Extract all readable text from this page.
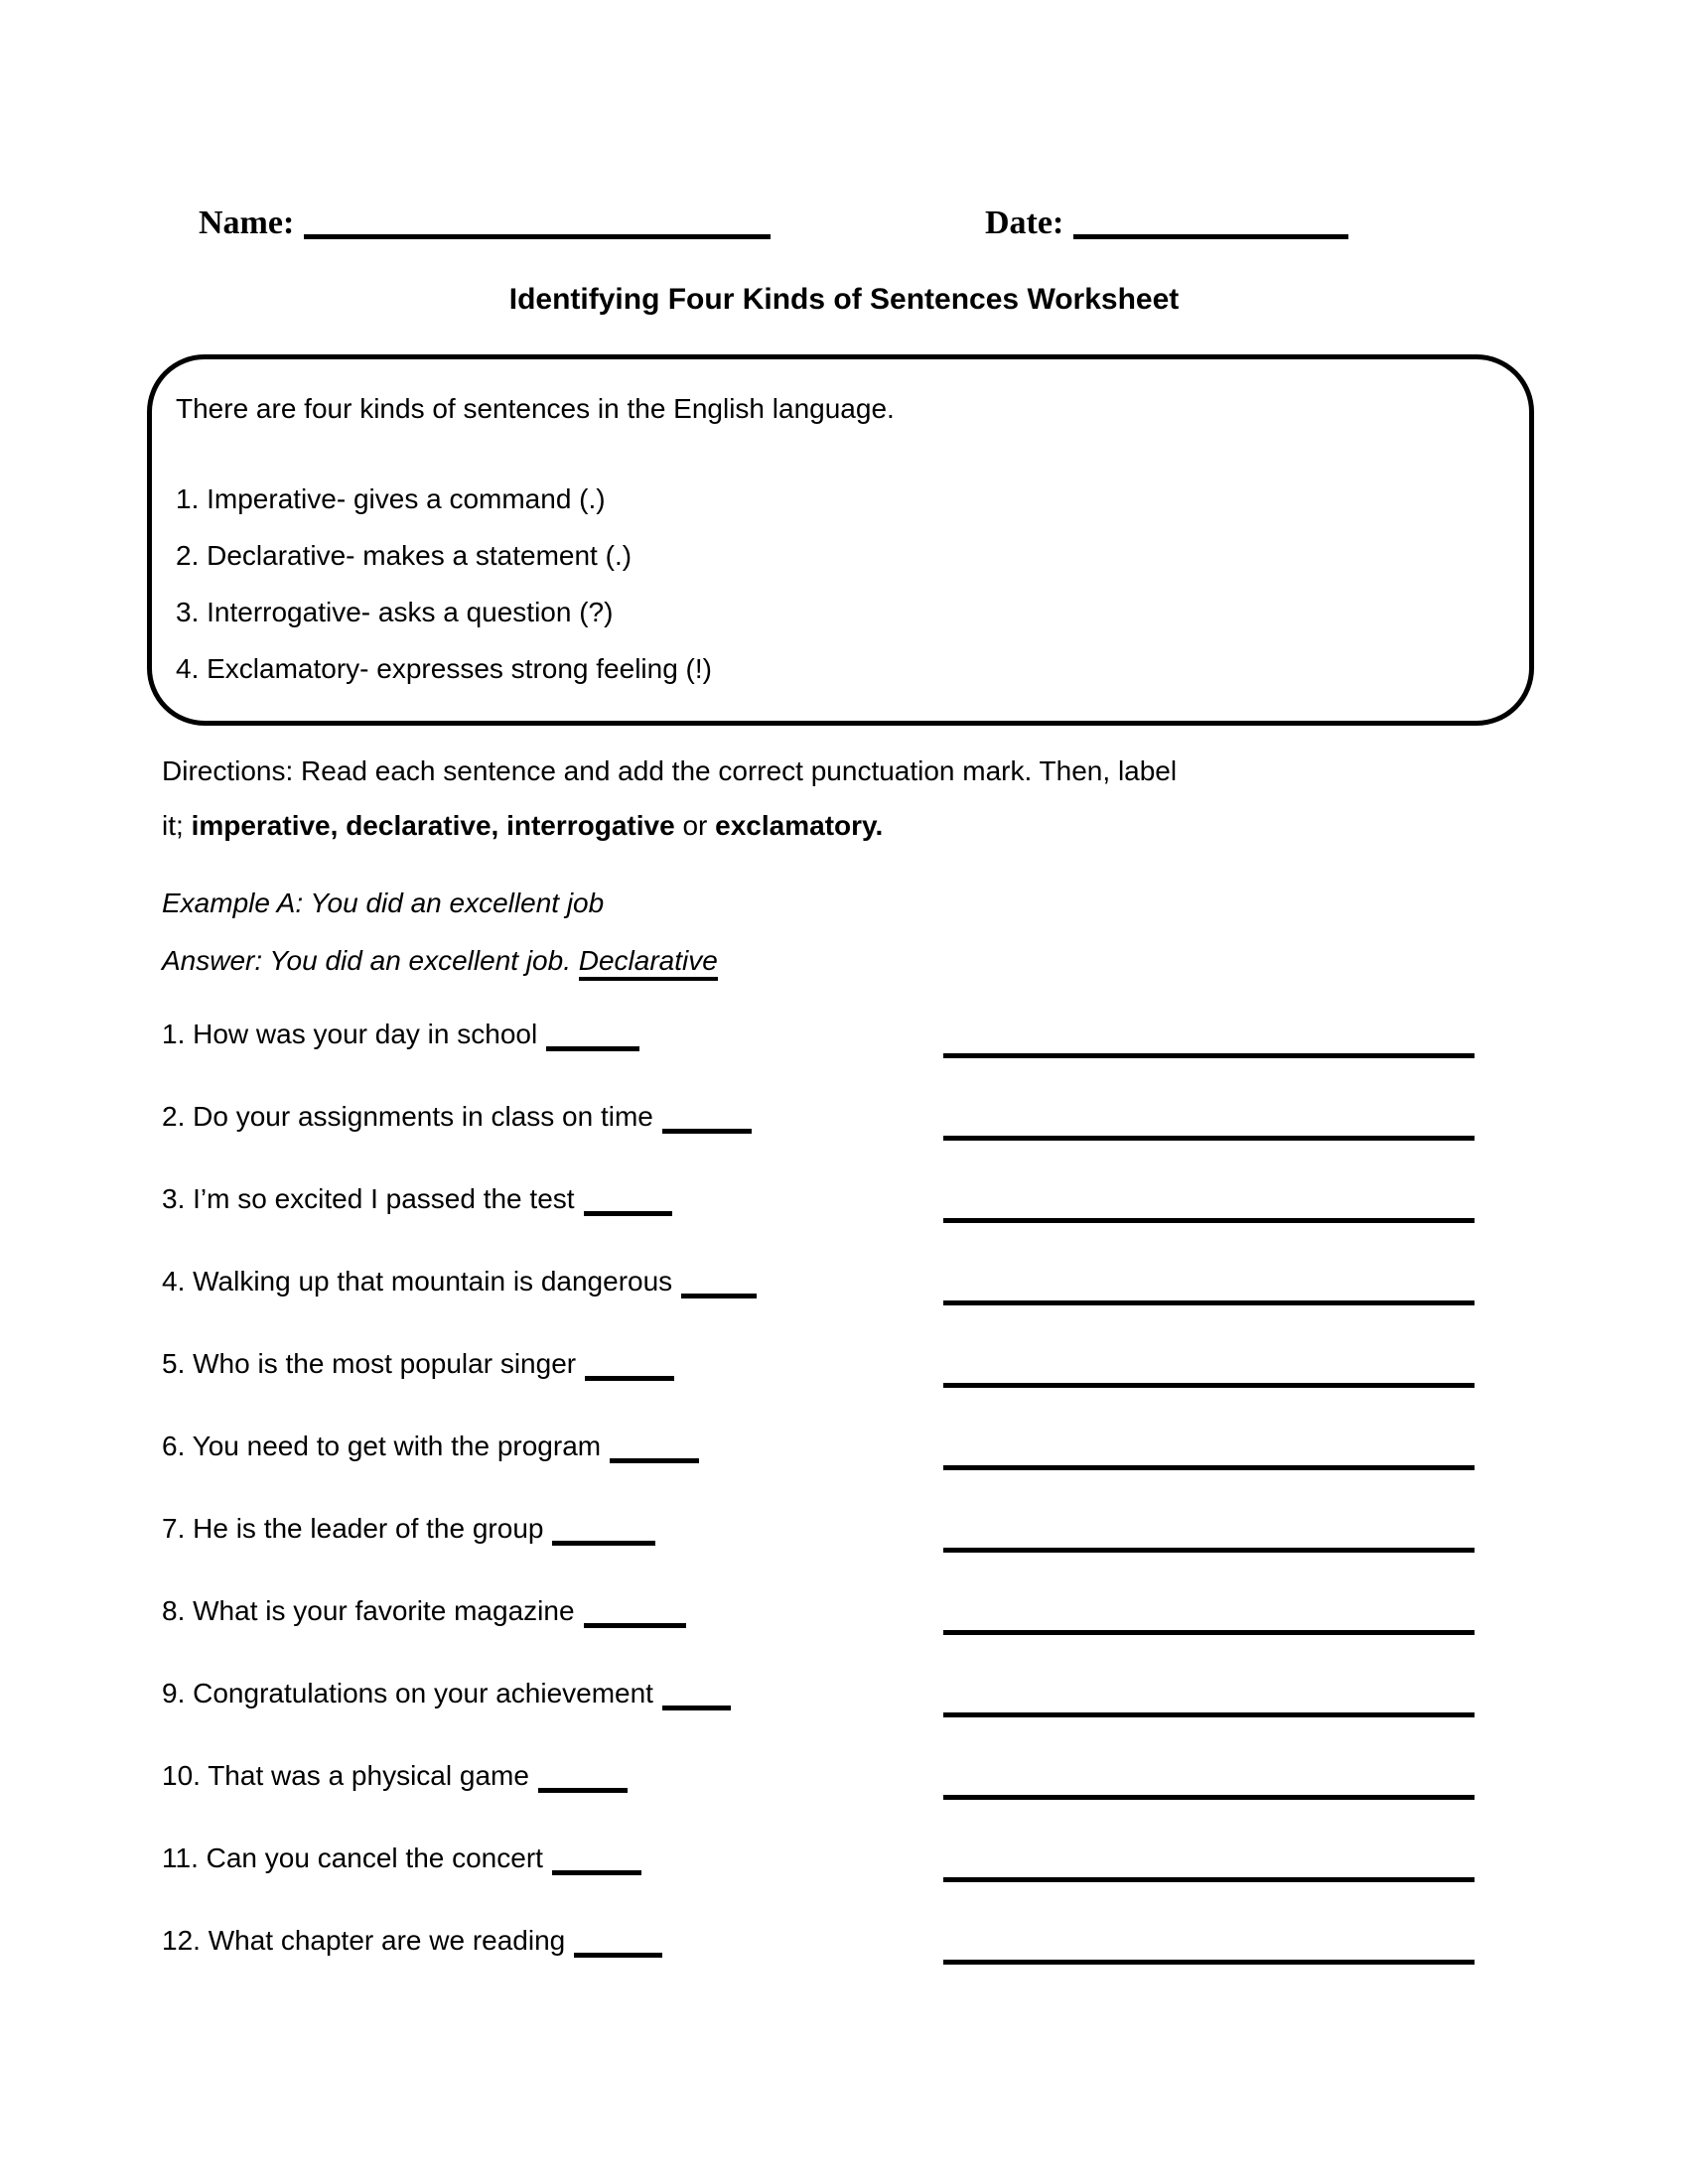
Name:	Date:
Identifying Four Kinds of Sentences Worksheet
There are four kinds of sentences in the English language.
1. Imperative- gives a command (.)
2. Declarative- makes a statement (.)
3. Interrogative- asks a question (?)
4. Exclamatory- expresses strong feeling (!)
Directions: Read each sentence and add the correct punctuation mark. Then, label
it; imperative, declarative, interrogative or exclamatory.
Example A: You did an excellent job
Answer: You did an excellent job. Declarative
1. How was your day in school
2. Do your assignments in class on time
3. I’m so excited I passed the test
4. Walking up that mountain is dangerous
5. Who is the most popular singer
6. You need to get with the program
7. He is the leader of the group
8. What is your favorite magazine
9. Congratulations on your achievement
10. That was a physical game
11. Can you cancel the concert
12. What chapter are we reading
